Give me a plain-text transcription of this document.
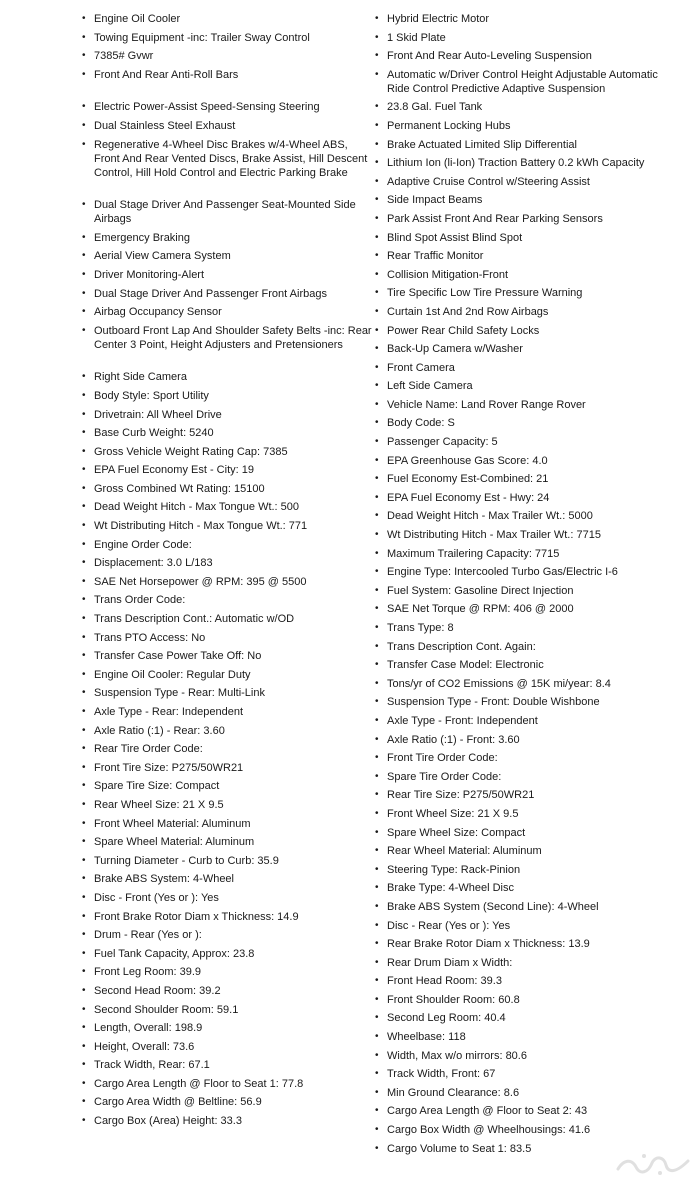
• Engine Oil Cooler
• Towing Equipment -inc: Trailer Sway Control
• 7385# Gvwr
• Front And Rear Anti-Roll Bars
• Electric Power-Assist Speed-Sensing Steering
• Dual Stainless Steel Exhaust
• Regenerative 4-Wheel Disc Brakes w/4-Wheel ABS, Front And Rear Vented Discs, Brake Assist, Hill Descent Control, Hill Hold Control and Electric Parking Brake
• Dual Stage Driver And Passenger Seat-Mounted Side Airbags
• Emergency Braking
• Aerial View Camera System
• Driver Monitoring-Alert
• Dual Stage Driver And Passenger Front Airbags
• Airbag Occupancy Sensor
• Outboard Front Lap And Shoulder Safety Belts -inc: Rear Center 3 Point, Height Adjusters and Pretensioners
• Right Side Camera
• Body Style: Sport Utility
• Drivetrain: All Wheel Drive
• Base Curb Weight: 5240
• Gross Vehicle Weight Rating Cap: 7385
• EPA Fuel Economy Est - City: 19
• Gross Combined Wt Rating: 15100
• Dead Weight Hitch - Max Tongue Wt.: 500
• Wt Distributing Hitch - Max Tongue Wt.: 771
• Engine Order Code:
• Displacement: 3.0 L/183
• SAE Net Horsepower @ RPM: 395 @ 5500
• Trans Order Code:
• Trans Description Cont.: Automatic w/OD
• Trans PTO Access: No
• Transfer Case Power Take Off: No
• Engine Oil Cooler: Regular Duty
• Suspension Type - Rear: Multi-Link
• Axle Type - Rear: Independent
• Axle Ratio (:1) - Rear: 3.60
• Rear Tire Order Code:
• Front Tire Size: P275/50WR21
• Spare Tire Size: Compact
• Rear Wheel Size: 21 X 9.5
• Front Wheel Material: Aluminum
• Spare Wheel Material: Aluminum
• Turning Diameter - Curb to Curb: 35.9
• Brake ABS System: 4-Wheel
• Disc - Front (Yes or ): Yes
• Front Brake Rotor Diam x Thickness: 14.9
• Drum - Rear (Yes or ):
• Fuel Tank Capacity, Approx: 23.8
• Front Leg Room: 39.9
• Second Head Room: 39.2
• Second Shoulder Room: 59.1
• Length, Overall: 198.9
• Height, Overall: 73.6
• Track Width, Rear: 67.1
• Cargo Area Length @ Floor to Seat 1: 77.8
• Cargo Area Width @ Beltline: 56.9
• Cargo Box (Area) Height: 33.3
• Hybrid Electric Motor
• 1 Skid Plate
• Front And Rear Auto-Leveling Suspension
• Automatic w/Driver Control Height Adjustable Automatic Ride Control Predictive Adaptive Suspension
• 23.8 Gal. Fuel Tank
• Permanent Locking Hubs
• Brake Actuated Limited Slip Differential
• Lithium Ion (li-Ion) Traction Battery 0.2 kWh Capacity
• Adaptive Cruise Control w/Steering Assist
• Side Impact Beams
• Park Assist Front And Rear Parking Sensors
• Blind Spot Assist Blind Spot
• Rear Traffic Monitor
• Collision Mitigation-Front
• Tire Specific Low Tire Pressure Warning
• Curtain 1st And 2nd Row Airbags
• Power Rear Child Safety Locks
• Back-Up Camera w/Washer
• Front Camera
• Left Side Camera
• Vehicle Name: Land Rover Range Rover
• Body Code: S
• Passenger Capacity: 5
• EPA Greenhouse Gas Score: 4.0
• Fuel Economy Est-Combined: 21
• EPA Fuel Economy Est - Hwy: 24
• Dead Weight Hitch - Max Trailer Wt.: 5000
• Wt Distributing Hitch - Max Trailer Wt.: 7715
• Maximum Trailering Capacity: 7715
• Engine Type: Intercooled Turbo Gas/Electric I-6
• Fuel System: Gasoline Direct Injection
• SAE Net Torque @ RPM: 406 @ 2000
• Trans Type: 8
• Trans Description Cont. Again:
• Transfer Case Model: Electronic
• Tons/yr of CO2 Emissions @ 15K mi/year: 8.4
• Suspension Type - Front: Double Wishbone
• Axle Type - Front: Independent
• Axle Ratio (:1) - Front: 3.60
• Front Tire Order Code:
• Spare Tire Order Code:
• Rear Tire Size: P275/50WR21
• Front Wheel Size: 21 X 9.5
• Spare Wheel Size: Compact
• Rear Wheel Material: Aluminum
• Steering Type: Rack-Pinion
• Brake Type: 4-Wheel Disc
• Brake ABS System (Second Line): 4-Wheel
• Disc - Rear (Yes or ): Yes
• Rear Brake Rotor Diam x Thickness: 13.9
• Rear Drum Diam x Width:
• Front Head Room: 39.3
• Front Shoulder Room: 60.8
• Second Leg Room: 40.4
• Wheelbase: 118
• Width, Max w/o mirrors: 80.6
• Track Width, Front: 67
• Min Ground Clearance: 8.6
• Cargo Area Length @ Floor to Seat 2: 43
• Cargo Box Width @ Wheelhousings: 41.6
• Cargo Volume to Seat 1: 83.5
